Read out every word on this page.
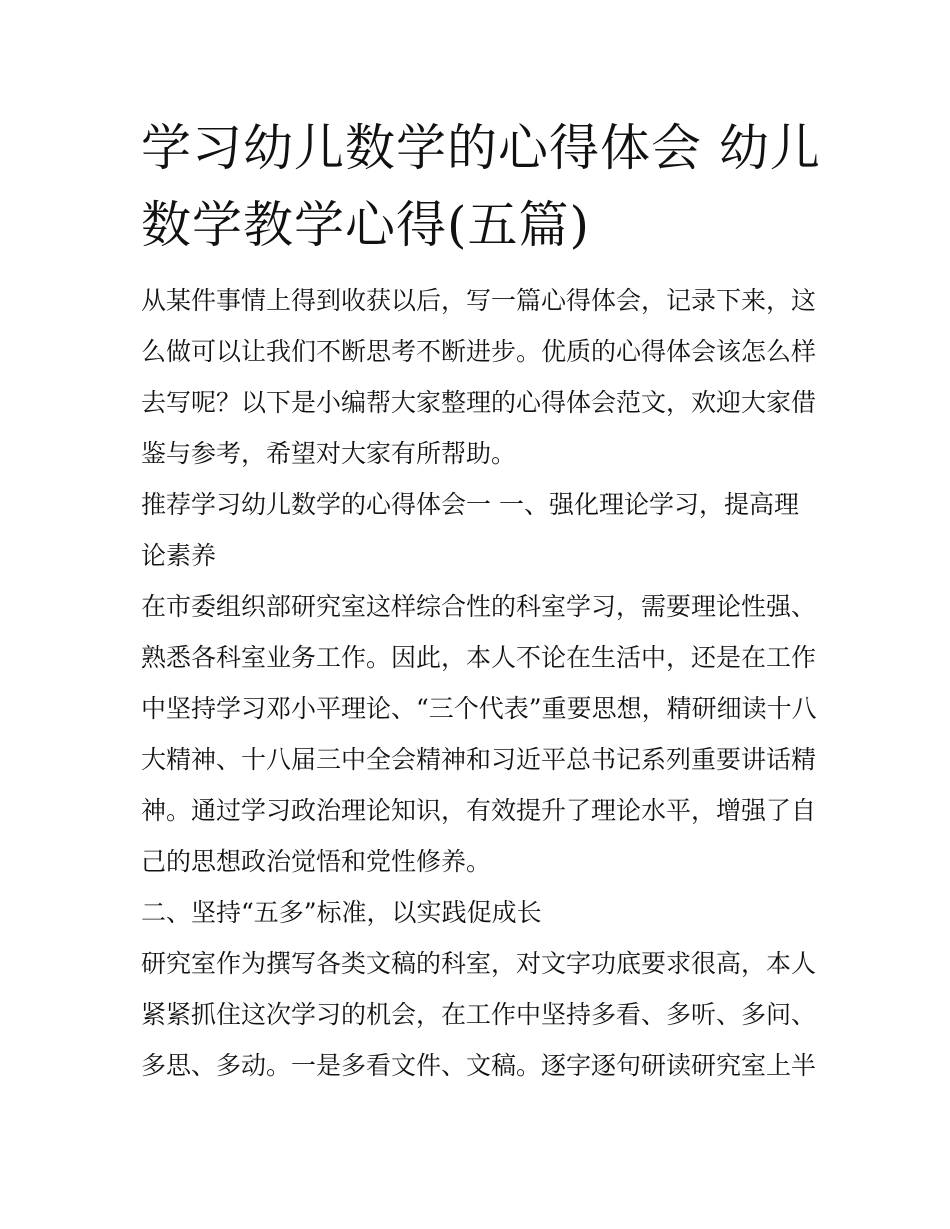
学习幼儿数学的心得体会 幼儿
数学教学心得(五篇)
从某件事情上得到收获以后，写一篇心得体会，记录下来，这
么做可以让我们不断思考不断进步。优质的心得体会该怎么样
去写呢？以下是小编帮大家整理的心得体会范文，欢迎大家借
鉴与参考，希望对大家有所帮助。
推荐学习幼儿数学的心得体会一 一、强化理论学习，提高理
论素养
在市委组织部研究室这样综合性的科室学习，需要理论性强、
熟悉各科室业务工作。因此，本人不论在生活中，还是在工作
中坚持学习邓小平理论、“三个代表”重要思想，精研细读十八
大精神、十八届三中全会精神和习近平总书记系列重要讲话精
神。通过学习政治理论知识，有效提升了理论水平，增强了自
己的思想政治觉悟和党性修养。
二、坚持“五多”标准，以实践促成长
研究室作为撰写各类文稿的科室，对文字功底要求很高，本人
紧紧抓住这次学习的机会，在工作中坚持多看、多听、多问、
多思、多动。一是多看文件、文稿。逐字逐句研读研究室上半
